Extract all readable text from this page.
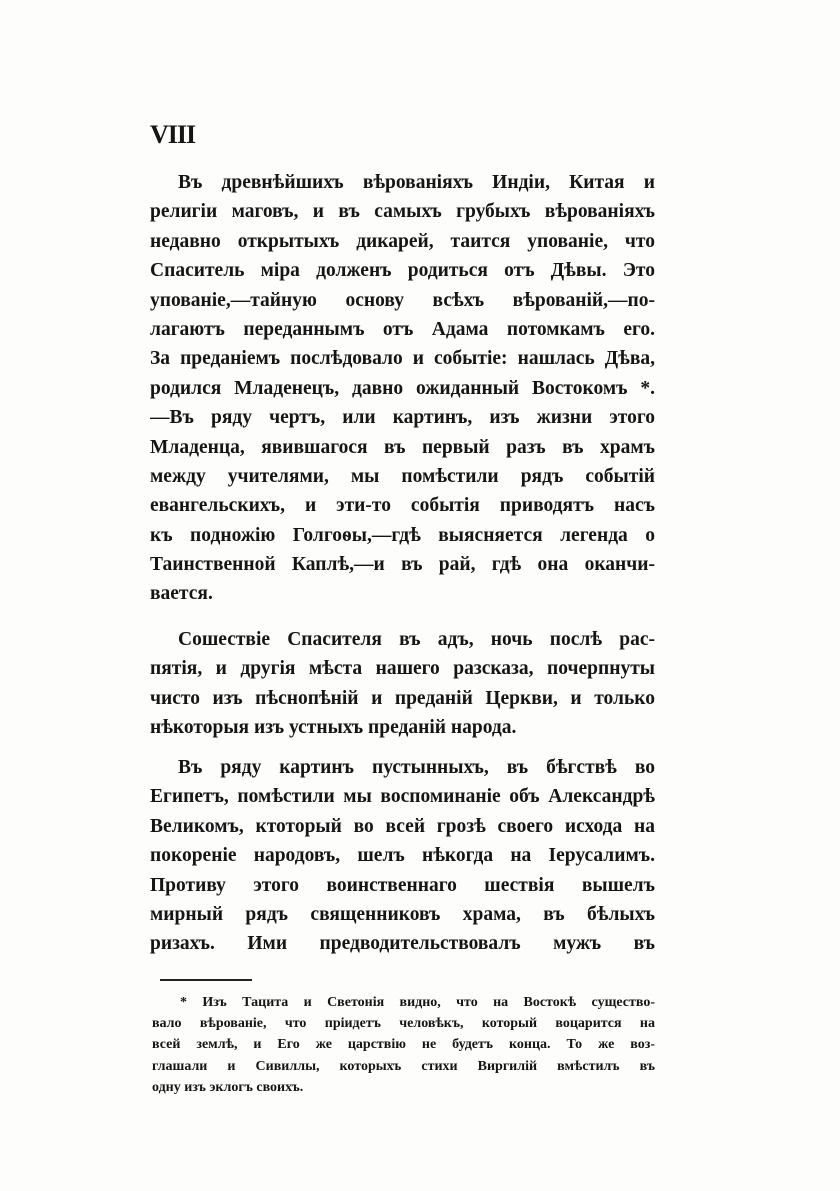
VIII

Въ древнѣйшихъ вѣрованіяхъ Индіи, Китая и
религіи маговъ, и въ самыхъ грубыхъ вѣрованіяхъ
недавно открытыхъ дикарей, таится упованіе, что
Спаситель міра долженъ родиться отъ Дѣвы. Это
упованіе,—тайную основу всѣхъ вѣрованій,—по-
лагаютъ переданнымъ отъ Адама потомкамъ его.
За преданіемъ послѣдовало и событіе: нашлась Дѣва,
родился Младенецъ, давно ожиданный Востокомъ *.
—Въ ряду чертъ, или картинъ, изъ жизни этого
Младенца, явившагося въ первый разъ въ храмъ
между учителями, мы помѣстили рядъ событій
евангельскихъ, и эти-то событія приводятъ насъ
къ подножію Голгоѳы,—гдѣ выясняется легенда о
Таинственной Каплѣ,—и въ рай, гдѣ она оканчи-
вается.

Сошествіе Спасителя въ адъ, ночь послѣ рас-
пятія, и другія мѣста нашего разсказа, почерпнуты
чисто изъ пѣснопѣній и преданій Церкви, и только
нѣкоторыя изъ устныхъ преданій народа.

Въ ряду картинъ пустынныхъ, въ бѣгствѣ во
Египетъ, помѣстили мы воспоминаніе объ Александрѣ
Великомъ, ктоторый во всей грозѣ своего исхода на
покореніе народовъ, шелъ нѣкогда на Іерусалимъ.
Противу этого воинственнаго шествія вышелъ
мирный рядъ священниковъ храма, въ бѣлыхъ
ризахъ. Ими предводительствовалъ мужъ въ

* Изъ Тацита и Светонія видно, что на Востокѣ существо-
вало вѣрованіе, что пріидетъ человѣкъ, который воцарится на
всей землѣ, и Его же царствію не будетъ конца. То же воз-
глашали и Сивиллы, которыхъ стихи Виргилій вмѣстилъ въ
одну изъ эклогъ своихъ.
